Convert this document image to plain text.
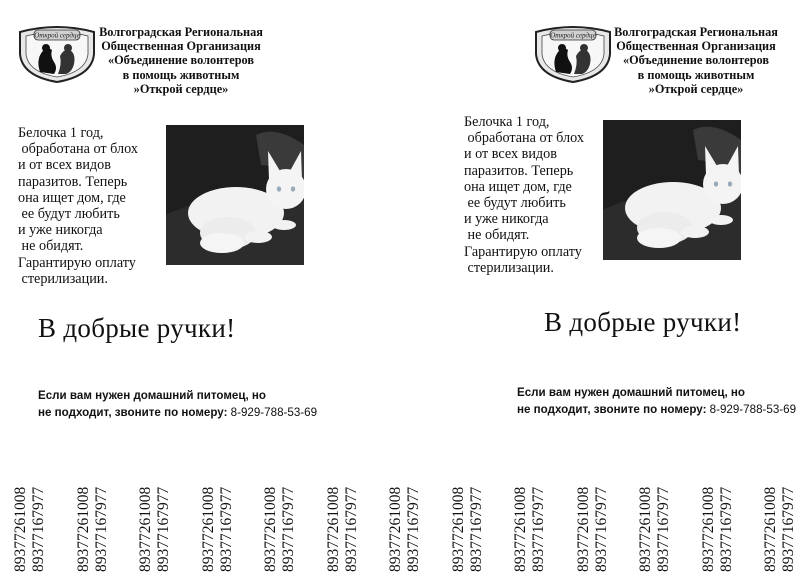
Открой сердце	Волгоградская Региональная
Общественная Организация
«Объединение волонтеров
в помощь животным
»Открой сердце»
Белочка 1 год,
обработана от блох
и от всех видов
паразитов. Теперь
она ищет дом, где
ее будут любить
и уже никогда
не обидят.
Гарантирую оплату
стерилизации.
В добрые ручки!
Если вам нужен домашний питомец, но
не подходит, звоните по номеру: 8-929-788-53-69
Открой сердце	Волгоградская Региональная
Общественная Организация
«Объединение волонтеров
в помощь животным
»Открой сердце»
Белочка 1 год,
обработана от блох
и от всех видов
паразитов. Теперь
она ищет дом, где
ее будут любить
и уже никогда
не обидят.
Гарантирую оплату
стерилизации.
В добрые ручки!
Если вам нужен домашний питомец, но
не подходит, звоните по номеру: 8-929-788-53-69
89377261008 89377167977 89377261008 89377167977 89377261008 89377167977 89377261008 89377167977 89377261008 89377167977 89377261008 89377167977 89377261008 89377167977 89377261008 89377167977 89377261008 89377167977 89377261008 89377167977 89377261008 89377167977 89377261008 89377167977 89377261008 89377167977
